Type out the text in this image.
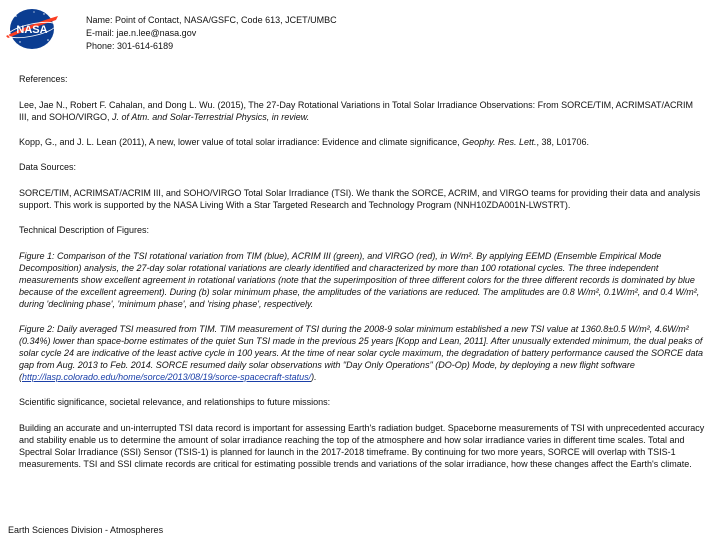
NASA
Name: Point of Contact, NASA/GSFC, Code 613, JCET/UMBC
E-mail: jae.n.lee@nasa.gov
Phone: 301-614-6189

References:

Lee, Jae N., Robert F. Cahalan, and Dong L. Wu. (2015), The 27-Day Rotational Variations in Total Solar Irradiance Observations: From SORCE/TIM, ACRIMSAT/ACRIM III, and SOHO/VIRGO, J. of Atm. and Solar-Terrestrial Physics, in review.

Kopp, G., and J. L. Lean (2011), A new, lower value of total solar irradiance: Evidence and climate significance, Geophy. Res. Lett., 38, L01706.

Data Sources:

SORCE/TIM, ACRIMSAT/ACRIM III, and SOHO/VIRGO Total Solar Irradiance (TSI). We thank the SORCE, ACRIM, and VIRGO teams for providing their data and analysis support. This work is supported by the NASA Living With a Star Targeted Research and Technology Program (NNH10ZDA001N-LWSTRT).

Technical Description of Figures:

Figure 1: Comparison of the TSI rotational variation from TIM (blue), ACRIM III (green), and VIRGO (red), in W/m². By applying EEMD (Ensemble Empirical Mode Decomposition) analysis, the 27-day solar rotational variations are clearly identified and characterized by more than 100 rotational cycles. The three independent measurements show excellent agreement in rotational variations (note that the superimposition of three different colors for the three different records is dominated by blue because of the excellent agreement). During (b) solar minimum phase, the amplitudes of the variations are reduced. The amplitudes are 0.8 W/m², 0.1W/m², and 0.4 W/m², during 'declining phase', 'minimum phase', and 'rising phase', respectively.

Figure 2: Daily averaged TSI measured from TIM. TIM measurement of TSI during the 2008-9 solar minimum established a new TSI value at 1360.8±0.5 W/m², 4.6W/m² (0.34%) lower than space-borne estimates of the quiet Sun TSI made in the previous 25 years [Kopp and Lean, 2011]. After unusually extended minimum, the dual peaks of solar cycle 24 are indicative of the least active cycle in 100 years. At the time of near solar cycle maximum, the degradation of battery performance caused the SORCE data gap from Aug. 2013 to Feb. 2014. SORCE resumed daily solar observations with "Day Only Operations" (DO-Op) Mode, by deploying a new flight software (http://lasp.colorado.edu/home/sorce/2013/08/19/sorce-spacecraft-status/).

Scientific significance, societal relevance, and relationships to future missions:

Building an accurate and un-interrupted TSI data record is important for assessing Earth's radiation budget. Spaceborne measurements of TSI with unprecedented accuracy and stability enable us to determine the amount of solar irradiance reaching the top of the atmosphere and how solar irradiance varies in different time scales. Total and Spectral Solar Irradiance (SSI) Sensor (TSIS-1) is planned for launch in the 2017-2018 timeframe. By continuing for two more years, SORCE will overlap with TSIS-1 measurements. TSI and SSI climate records are critical for estimating possible trends and variations of the solar irradiance, how these changes affect the Earth's climate.

Earth Sciences Division - Atmospheres
